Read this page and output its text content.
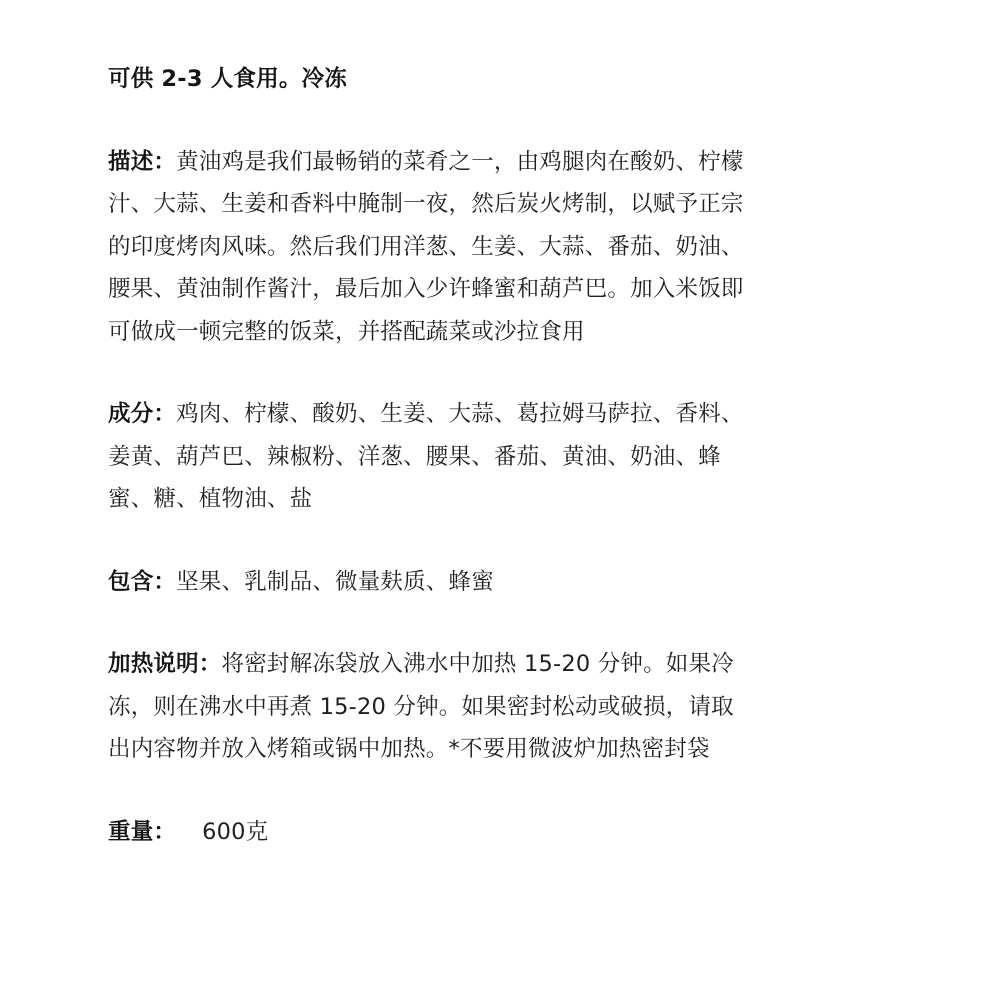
可供 2-3 人食用。冷冻

描述：黄油鸡是我们最畅销的菜肴之一，由鸡腿肉在酸奶、柠檬汁、大蒜、生姜和香料中腌制一夜，然后炭火烤制，以赋予正宗的印度烤肉风味。然后我们用洋葱、生姜、大蒜、番茄、奶油、腰果、黄油制作酱汁，最后加入少许蜂蜜和葫芦巴。加入米饭即可做成一顿完整的饭菜，并搭配蔬菜或沙拉食用

成分：鸡肉、柠檬、酸奶、生姜、大蒜、葛拉姆马萨拉、香料、姜黄、葫芦巴、辣椒粉、洋葱、腰果、番茄、黄油、奶油、蜂蜜、糖、植物油、盐

包含：坚果、乳制品、微量麸质、蜂蜜

加热说明：将密封解冻袋放入沸水中加热 15-20 分钟。如果冷冻，则在沸水中再煮 15-20 分钟。如果密封松动或破损，请取出内容物并放入烤箱或锅中加热。*不要用微波炉加热密封袋

重量： 600克
